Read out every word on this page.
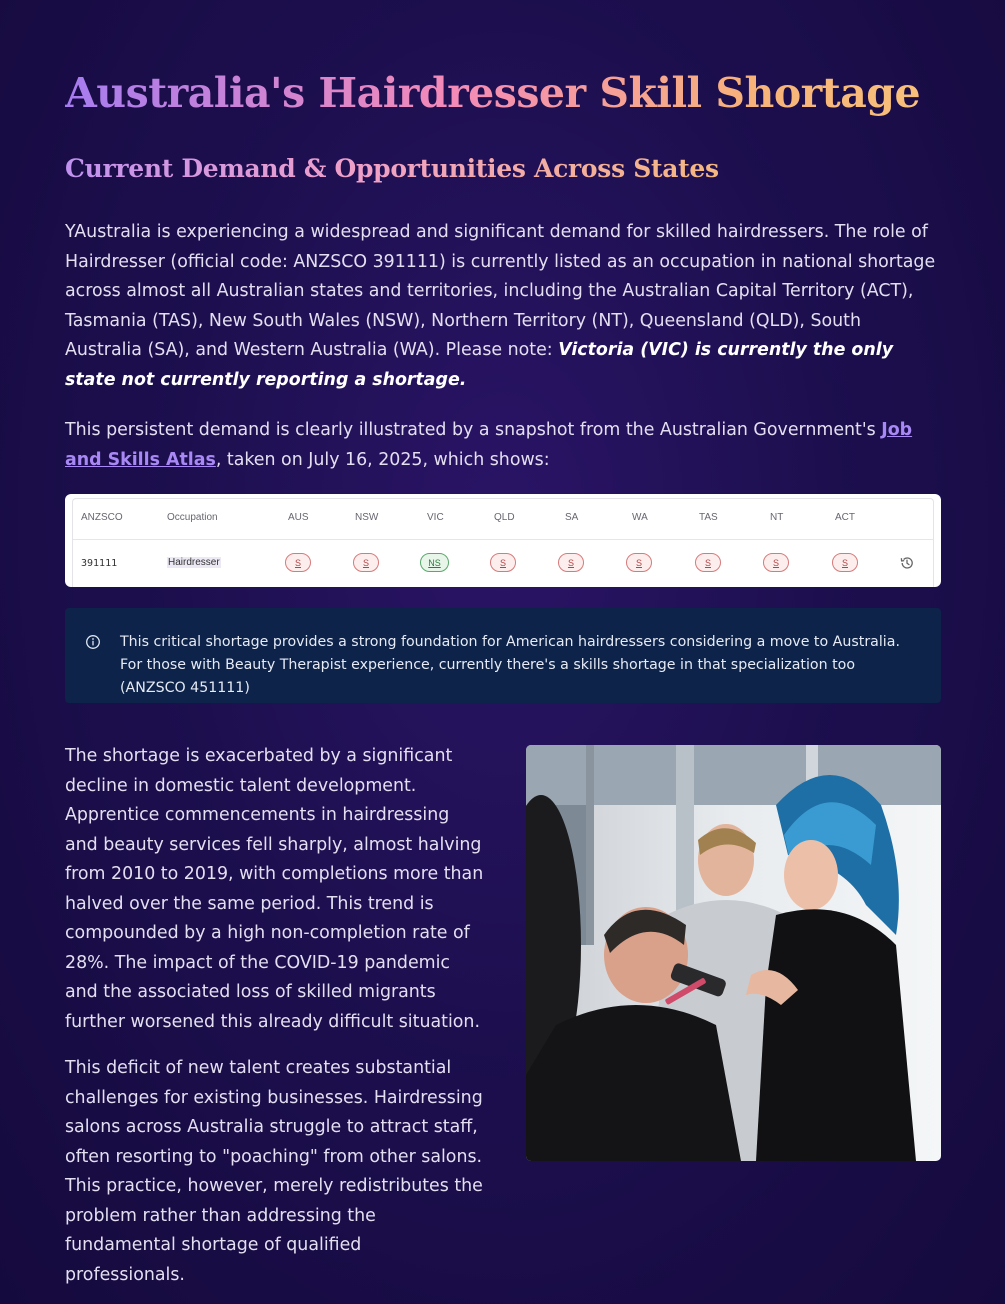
Australia's Hairdresser Skill Shortage
Current Demand & Opportunities Across States

YAustralia is experiencing a widespread and significant demand for skilled hairdressers. The role of Hairdresser (official code: ANZSCO 391111) is currently listed as an occupation in national shortage across almost all Australian states and territories, including the Australian Capital Territory (ACT), Tasmania (TAS), New South Wales (NSW), Northern Territory (NT), Queensland (QLD), South Australia (SA), and Western Australia (WA). Please note: Victoria (VIC) is currently the only state not currently reporting a shortage.

This persistent demand is clearly illustrated by a snapshot from the Australian Government's Job and Skills Atlas, taken on July 16, 2025, which shows:

ANZSCO	Occupation	AUS	NSW	VIC	QLD	SA	WA	TAS	NT	ACT
391111	Hairdresser	S	S	NS	S	S	S	S	S	S

This critical shortage provides a strong foundation for American hairdressers considering a move to Australia. For those with Beauty Therapist experience, currently there's a skills shortage in that specialization too (ANZSCO 451111)

The shortage is exacerbated by a significant decline in domestic talent development. Apprentice commencements in hairdressing and beauty services fell sharply, almost halving from 2010 to 2019, with completions more than halved over the same period. This trend is compounded by a high non-completion rate of 28%. The impact of the COVID-19 pandemic and the associated loss of skilled migrants further worsened this already difficult situation.

This deficit of new talent creates substantial challenges for existing businesses. Hairdressing salons across Australia struggle to attract staff, often resorting to "poaching" from other salons. This practice, however, merely redistributes the problem rather than addressing the fundamental shortage of qualified professionals.
